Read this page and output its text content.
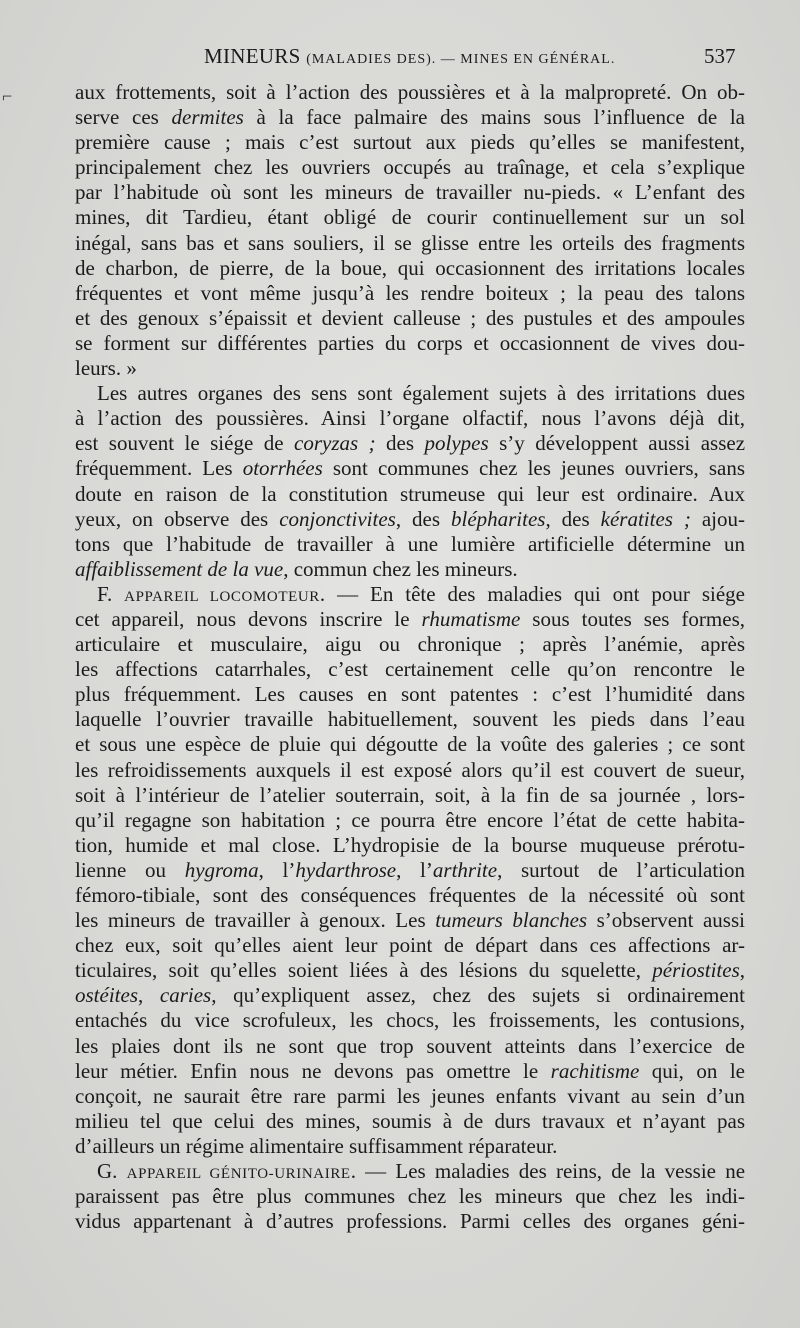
MINEURS (MALADIES DES). — MINES EN GÉNÉRAL.	537
aux frottements, soit à l’action des poussières et à la malpropreté. On ob-
serve ces dermites à la face palmaire des mains sous l’influence de la
première cause ; mais c’est surtout aux pieds qu’elles se manifestent,
principalement chez les ouvriers occupés au traînage, et cela s’explique
par l’habitude où sont les mineurs de travailler nu-pieds. « L’enfant des
mines, dit Tardieu, étant obligé de courir continuellement sur un sol
inégal, sans bas et sans souliers, il se glisse entre les orteils des fragments
de charbon, de pierre, de la boue, qui occasionnent des irritations locales
fréquentes et vont même jusqu’à les rendre boiteux ; la peau des talons
et des genoux s’épaissit et devient calleuse ; des pustules et des ampoules
se forment sur différentes parties du corps et occasionnent de vives dou-
leurs. »
Les autres organes des sens sont également sujets à des irritations dues
à l’action des poussières. Ainsi l’organe olfactif, nous l’avons déjà dit,
est souvent le siége de coryzas ; des polypes s’y développent aussi assez
fréquemment. Les otorrhées sont communes chez les jeunes ouvriers, sans
doute en raison de la constitution strumeuse qui leur est ordinaire. Aux
yeux, on observe des conjonctivites, des blépharites, des kératites ; ajou-
tons que l’habitude de travailler à une lumière artificielle détermine un
affaiblissement de la vue, commun chez les mineurs.
F. APPAREIL LOCOMOTEUR. — En tête des maladies qui ont pour siége
cet appareil, nous devons inscrire le rhumatisme sous toutes ses formes,
articulaire et musculaire, aigu ou chronique ; après l’anémie, après
les affections catarrhales, c’est certainement celle qu’on rencontre le
plus fréquemment. Les causes en sont patentes : c’est l’humidité dans
laquelle l’ouvrier travaille habituellement, souvent les pieds dans l’eau
et sous une espèce de pluie qui dégoutte de la voûte des galeries ; ce sont
les refroidissements auxquels il est exposé alors qu’il est couvert de sueur,
soit à l’intérieur de l’atelier souterrain, soit, à la fin de sa journée , lors-
qu’il regagne son habitation ; ce pourra être encore l’état de cette habita-
tion, humide et mal close. L’hydropisie de la bourse muqueuse prérotu-
lienne ou hygroma, l’hydarthrose, l’arthrite, surtout de l’articulation
fémoro-tibiale, sont des conséquences fréquentes de la nécessité où sont
les mineurs de travailler à genoux. Les tumeurs blanches s’observent aussi
chez eux, soit qu’elles aient leur point de départ dans ces affections ar-
ticulaires, soit qu’elles soient liées à des lésions du squelette, périostites,
ostéites, caries, qu’expliquent assez, chez des sujets si ordinairement
entachés du vice scrofuleux, les chocs, les froissements, les contusions,
les plaies dont ils ne sont que trop souvent atteints dans l’exercice de
leur métier. Enfin nous ne devons pas omettre le rachitisme qui, on le
conçoit, ne saurait être rare parmi les jeunes enfants vivant au sein d’un
milieu tel que celui des mines, soumis à de durs travaux et n’ayant pas
d’ailleurs un régime alimentaire suffisamment réparateur.
G. APPAREIL GÉNITO-URINAIRE. — Les maladies des reins, de la vessie ne
paraissent pas être plus communes chez les mineurs que chez les indi-
vidus appartenant à d’autres professions. Parmi celles des organes géni-
⌐
